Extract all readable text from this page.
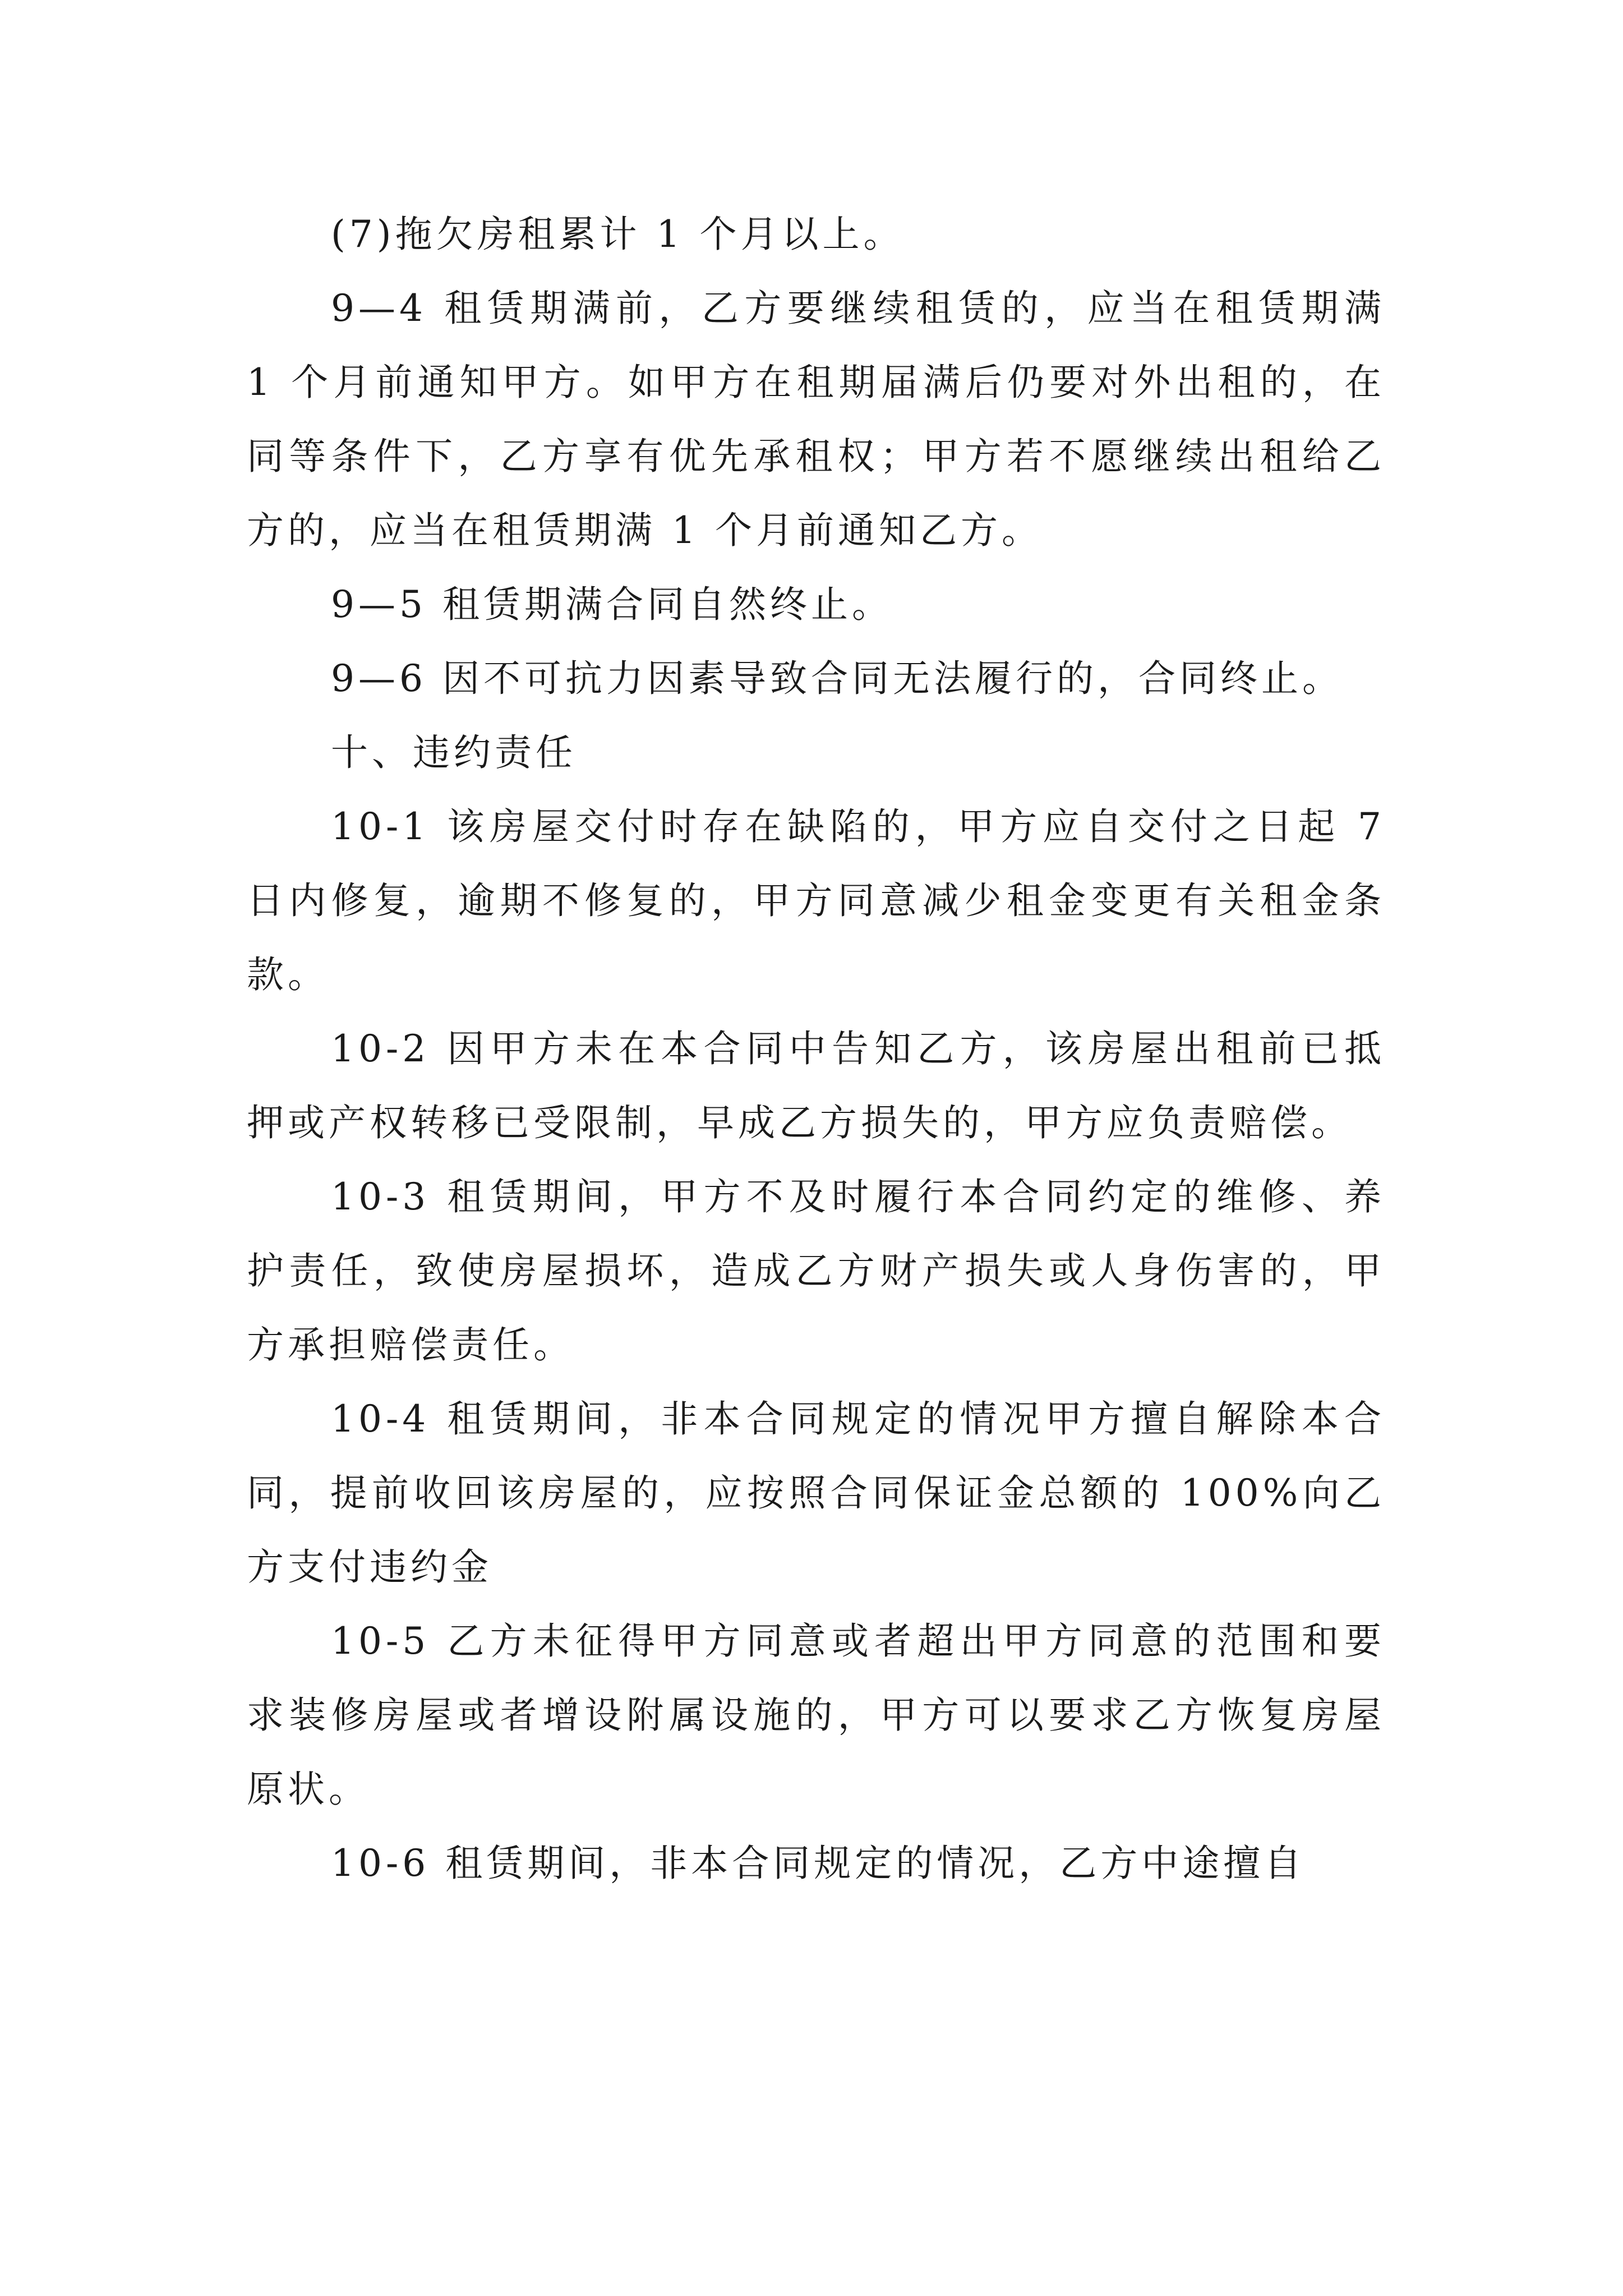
(7)拖欠房租累计 1 个月以上。

9—4 租赁期满前，乙方要继续租赁的，应当在租赁期满 1 个月前通知甲方。如甲方在租期届满后仍要对外出租的，在同等条件下，乙方享有优先承租权；甲方若不愿继续出租给乙方的，应当在租赁期满 1 个月前通知乙方。

9—5 租赁期满合同自然终止。

9—6 因不可抗力因素导致合同无法履行的，合同终止。

十、违约责任

10-1 该房屋交付时存在缺陷的，甲方应自交付之日起 7 日内修复，逾期不修复的，甲方同意减少租金变更有关租金条款。

10-2 因甲方未在本合同中告知乙方，该房屋出租前已抵押或产权转移已受限制，早成乙方损失的，甲方应负责赔偿。

10-3 租赁期间，甲方不及时履行本合同约定的维修、养护责任，致使房屋损坏，造成乙方财产损失或人身伤害的，甲方承担赔偿责任。

10-4 租赁期间，非本合同规定的情况甲方擅自解除本合同，提前收回该房屋的，应按照合同保证金总额的 100%向乙方支付违约金

10-5 乙方未征得甲方同意或者超出甲方同意的范围和要求装修房屋或者增设附属设施的，甲方可以要求乙方恢复房屋原状。

10-6 租赁期间，非本合同规定的情况，乙方中途擅自
